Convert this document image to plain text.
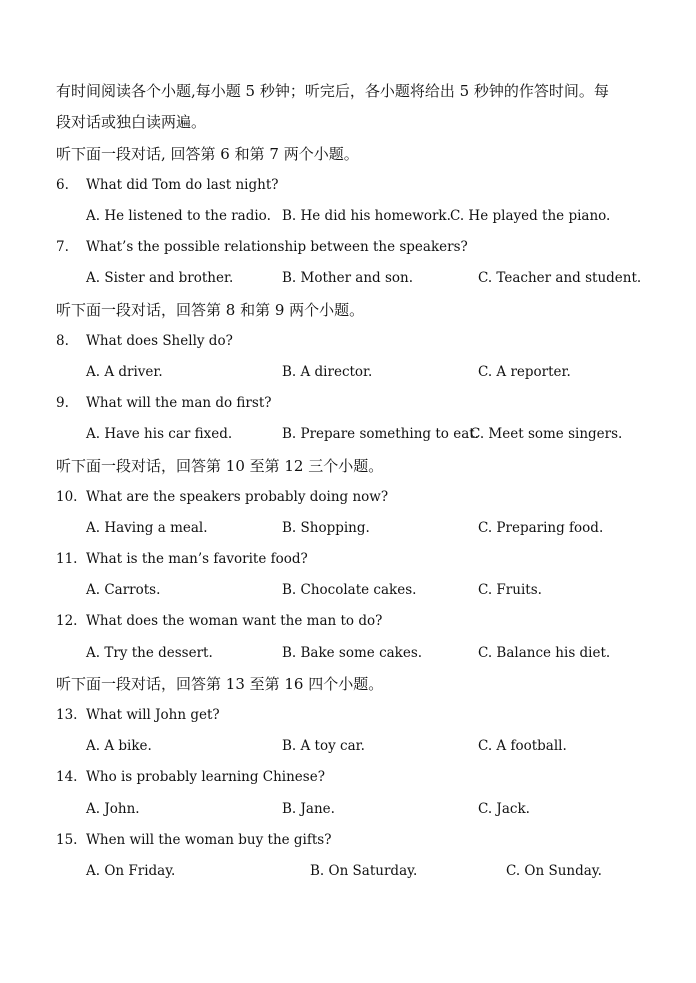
有时间阅读各个小题,每小题 5 秒钟；听完后，各小题将给出 5 秒钟的作答时间。每
段对话或独白读两遍。
听下面一段对话, 回答第 6 和第 7 两个小题。
6. What did Tom do last night?
A. He listened to the radio. B. He did his homework. C. He played the piano.
7. What’s the possible relationship between the speakers?
A. Sister and brother.	B. Mother and son.	C. Teacher and student.
听下面一段对话，回答第 8 和第 9 两个小题。
8. What does Shelly do?
A. A driver.	B. A director.	C. A reporter.
9. What will the man do first?
A. Have his car fixed.	B. Prepare something to eat.
C. Meet some singers.
听下面一段对话，回答第 10 至第 12 三个小题。
10. What are the speakers probably doing now?
A. Having a meal.	B. Shopping.	C. Preparing food.
11. What is the man’s favorite food?
A. Carrots.	B. Chocolate cakes.	C. Fruits.
12. What does the woman want the man to do?
A. Try the dessert.	B. Bake some cakes.	C. Balance his diet.
听下面一段对话，回答第 13 至第 16 四个小题。
13. What will John get?
A. A bike.	B. A toy car.	C. A football.
14. Who is probably learning Chinese?
A. John.	B. Jane.	C. Jack.
15. When will the woman buy the gifts?
A. On Friday.	B. On Saturday.	C. On Sunday.
